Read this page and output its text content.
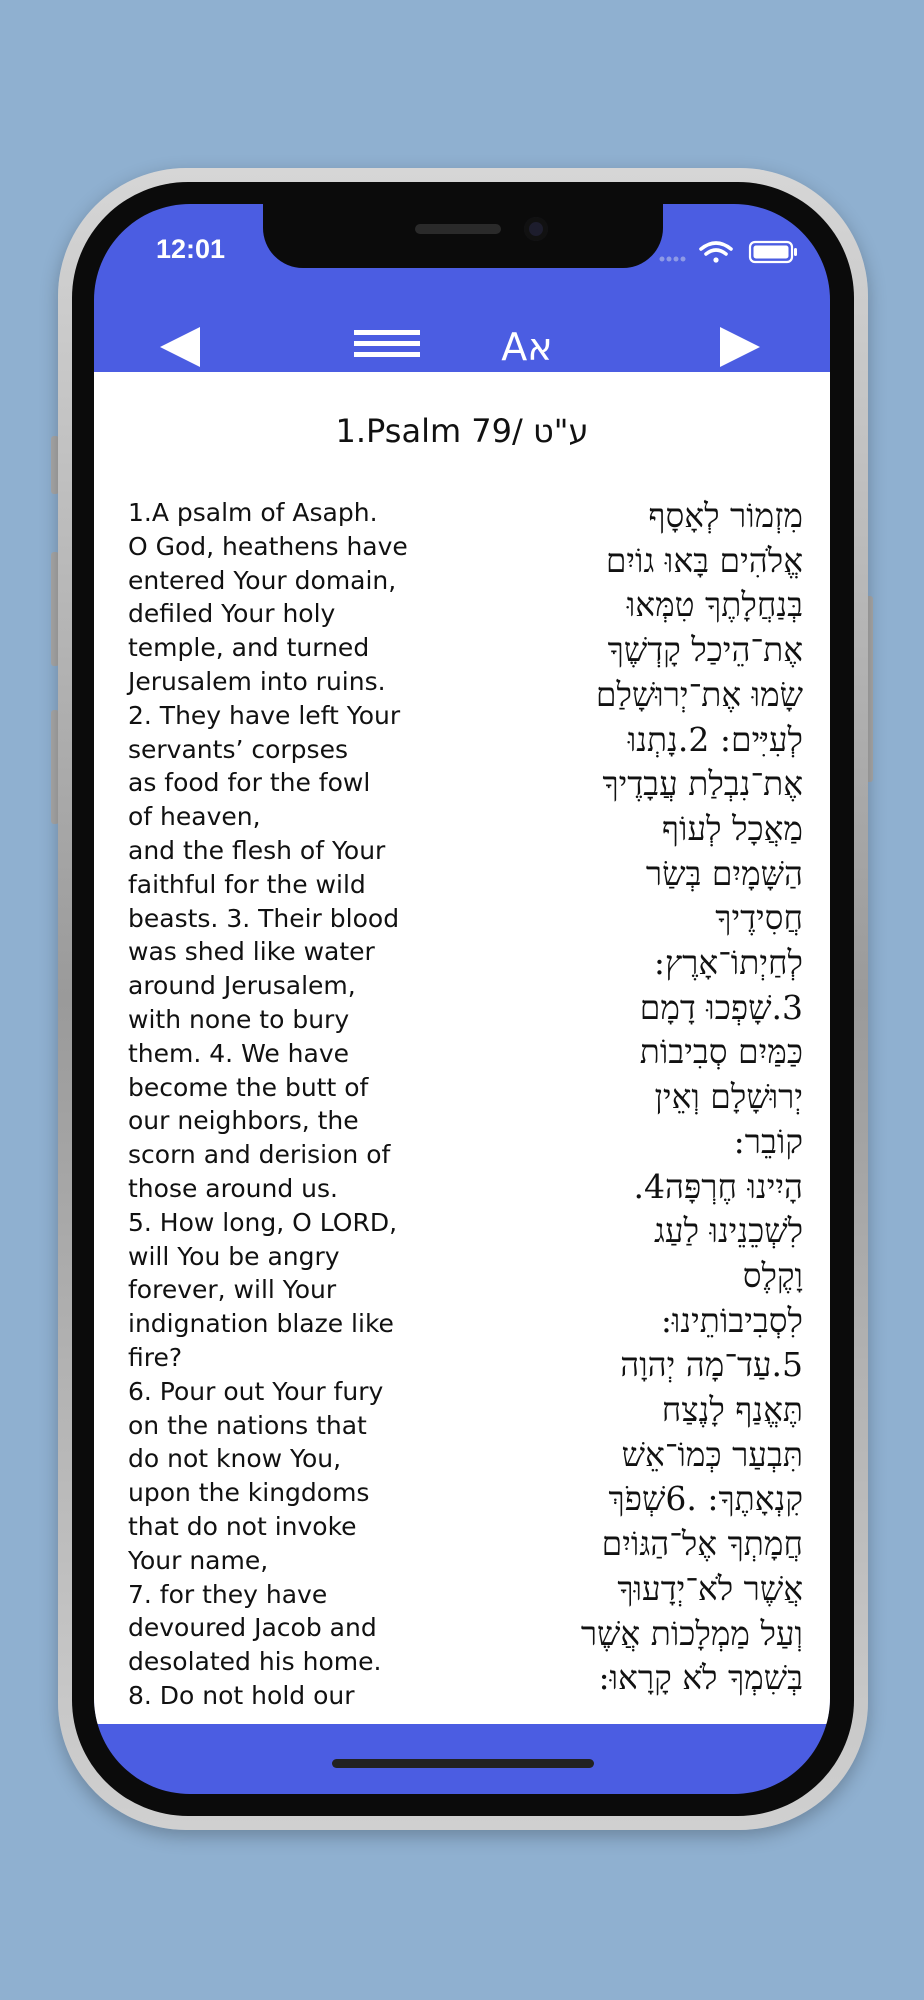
12:01
Aא
1.Psalm 79/ ע"ט
1.A psalm of Asaph.
O God, heathens have
entered Your domain,
defiled Your holy
temple, and turned
Jerusalem into ruins.
2. They have left Your
servants’ corpses
as food for the fowl
of heaven,
and the flesh of Your
faithful for the wild
beasts. 3. Their blood
was shed like water
around Jerusalem,
with none to bury
them. 4. We have
become the butt of
our neighbors, the
scorn and derision of
those around us.
5. How long, O LORD,
will You be angry
forever, will Your
indignation blaze like
fire?
6. Pour out Your fury
on the nations that
do not know You,
upon the kingdoms
that do not invoke
Your name,
7. for they have
devoured Jacob and
desolated his home.
8. Do not hold our
מִזְמוֹר לְאָסָף
אֱלֹהִים בָּאוּ גוֹיִם
בְּנַחֲלָתֶךָ טִמְּאוּ
אֶת־הֵיכַל קָדְשֶׁךָ
שָׂמוּ אֶת־יְרוּשָׁלַם
לְעִיִּים: 2.נָתְנוּ
אֶת־נִבְלַת עֲבָדֶיךָ
מַאֲכָל לְעוֹף
הַשָּׁמָיִם בְּשַׂר
חֲסִידֶיךָ
לְחַיְתוֹ־אָרֶץ:
3.שָׁפְכוּ דָמָם
כַּמַּיִם סְבִיבוֹת
יְרוּשָׁלָם וְאֵין
קוֹבֵר:
הָיִינוּ חֶרְפָּה4.
לִשְׁכֵנֵינוּ לַעַג
וָקֶלֶס
לִסְבִיבוֹתֵינוּ:
5.עַד־מָה יְהוָה
תֶּאֱנַף לָנֶצַח
תִּבְעַר כְּמוֹ־אֵשׁ
קִנְאָתֶךָ: .6שְׁפֹךְ
חֲמָתְךָ אֶל־הַגּוֹיִם
אֲשֶׁר לֹא־יְדָעוּךָ
וְעַל מַמְלָכוֹת אֲשֶׁר
בְּשִׁמְךָ לֹא קָרָאוּ:
